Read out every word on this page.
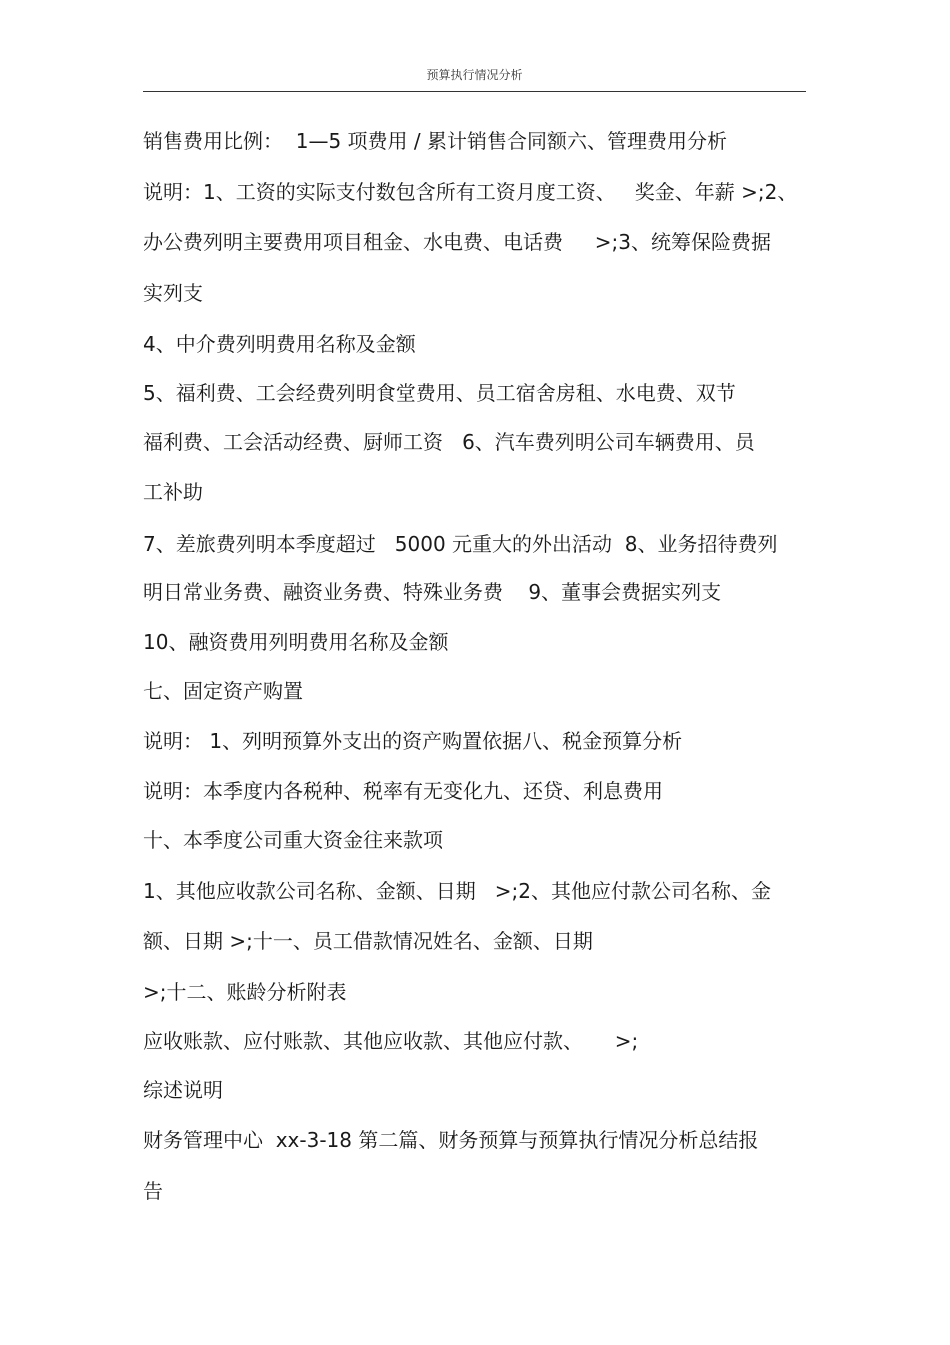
预算执行情况分析
销售费用比例：  1—5 项费用 / 累计销售合同额六、管理费用分析
说明：1、工资的实际支付数包含所有工资月度工资、   奖金、年薪 >;2、
办公费列明主要费用项目租金、水电费、电话费     >;3、统筹保险费据
实列支
4、中介费列明费用名称及金额
5、福利费、工会经费列明食堂费用、员工宿舍房租、水电费、双节
福利费、工会活动经费、厨师工资   6、汽车费列明公司车辆费用、员
工补助
7、差旅费列明本季度超过   5000 元重大的外出活动  8、业务招待费列
明日常业务费、融资业务费、特殊业务费    9、董事会费据实列支
10、融资费用列明费用名称及金额
七、固定资产购置
说明： 1、列明预算外支出的资产购置依据八、税金预算分析
说明：本季度内各税种、税率有无变化九、还贷、利息费用
十、本季度公司重大资金往来款项
1、其他应收款公司名称、金额、日期   >;2、其他应付款公司名称、金
额、日期 >;十一、员工借款情况姓名、金额、日期
>;十二、账龄分析附表
应收账款、应付账款、其他应收款、其他应付款、     >;
综述说明
财务管理中心  xx-3-18 第二篇、财务预算与预算执行情况分析总结报
告
